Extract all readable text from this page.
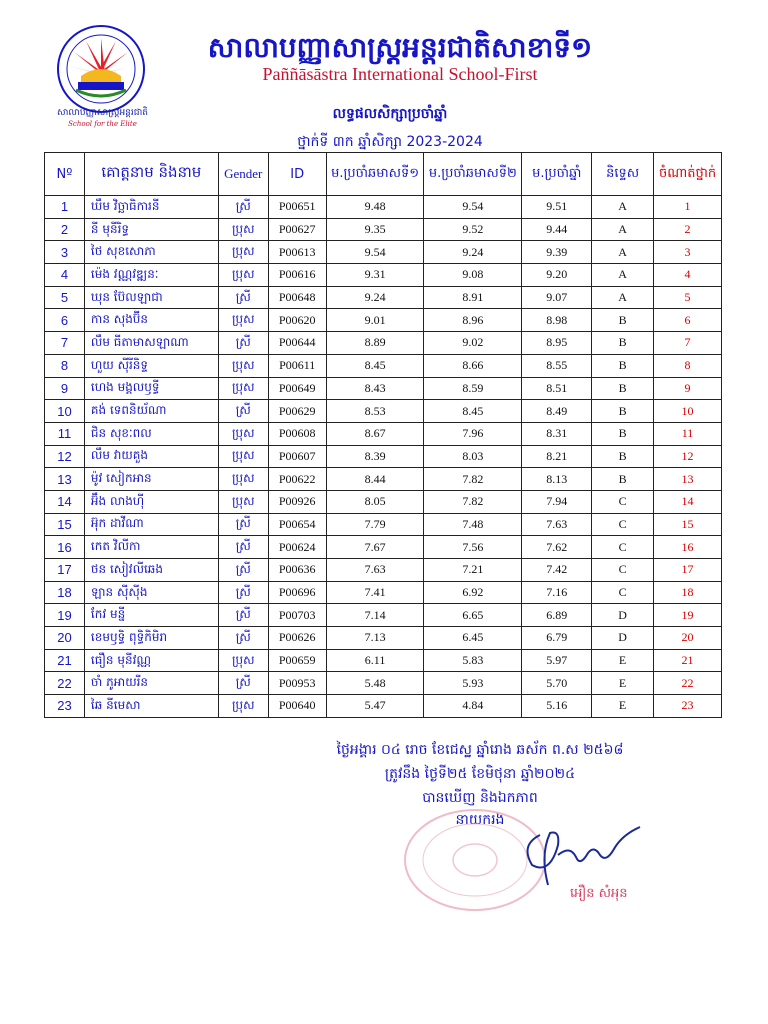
សាលាបញ្ញាសាស្ត្រអន្តរជាតិ
School for the Elite
សាលាបញ្ញាសាស្ត្រអន្តរជាតិសាខាទី១
Paññāsāstra International School-First
លទ្ធផលសិក្សាប្រចាំឆ្នាំ
ថ្នាក់ទី ៣ក ឆ្នាំសិក្សា 2023-2024
Nº	គោត្តនាម និងនាម	Gender	ID	ម.ប្រចាំឆមាសទី១	ម.ប្រចាំឆមាសទី២	ម.ប្រចាំឆ្នាំ	និទ្ទេស	ចំណាត់ថ្នាក់
1	ឃឹម វិច្ឆាធិការនី	ស្រី	P00651	9.48	9.54	9.51	A	1
2	នី មុនីរិទ្ធ	ប្រុស	P00627	9.35	9.52	9.44	A	2
3	ថៃ សុខសោភា	ប្រុស	P00613	9.54	9.24	9.39	A	3
4	ម៉េង វណ្ណវឌ្ឍនៈ	ប្រុស	P00616	9.31	9.08	9.20	A	4
5	ឃុន ប៊ែលឡាជា	ស្រី	P00648	9.24	8.91	9.07	A	5
6	កាន សុងប៊ីន	ប្រុស	P00620	9.01	8.96	8.98	B	6
7	លឹម ធីតាមាសឡាណា	ស្រី	P00644	8.89	9.02	8.95	B	7
8	ហួយ ស៊ីរីនិទ្ទ	ប្រុស	P00611	8.45	8.66	8.55	B	8
9	ហេង មង្គលឫទ្ធី	ប្រុស	P00649	8.43	8.59	8.51	B	9
10	គង់ ទេពនិយ័ណា	ស្រី	P00629	8.53	8.45	8.49	B	10
11	ជិន សុខៈពល	ប្រុស	P00608	8.67	7.96	8.31	B	11
12	លឹម វាយគួង	ប្រុស	P00607	8.39	8.03	8.21	B	12
13	ម៉ូវ សៀកអាន	ប្រុស	P00622	8.44	7.82	8.13	B	13
14	អ៊ឹង លាងហ៊ី	ប្រុស	P00926	8.05	7.82	7.94	C	14
15	អ៊ុក ដាវីណា	ស្រី	P00654	7.79	7.48	7.63	C	15
16	កេត វិលីកា	ស្រី	P00624	7.67	7.56	7.62	C	16
17	ថន សៀវលីឆេង	ស្រី	P00636	7.63	7.21	7.42	C	17
18	ឡាន ស៊ីស៊ីង	ស្រី	P00696	7.41	6.92	7.16	C	18
19	កែវ មន្នី	ស្រី	P00703	7.14	6.65	6.89	D	19
20	ខេមឫទ្ធិ ពុទ្ធិកិមិរា	ស្រី	P00626	7.13	6.45	6.79	D	20
21	ធឿន មុនីវណ្ណ	ប្រុស	P00659	6.11	5.83	5.97	E	21
22	ចាំ ភូអាយរីន	ស្រី	P00953	5.48	5.93	5.70	E	22
23	ឆៃ នីមេសា	ប្រុស	P00640	5.47	4.84	5.16	E	23
ថ្ងៃអង្គារ ០៤ រោច ខែជេស្ឋ ឆ្នាំរោង ឆស័ក ព.ស ២៥៦៨
ត្រូវនឹង ថ្ងៃទី២៥ ខែមិថុនា ឆ្នាំ២០២៤
បានឃើញ និងឯកភាព
នាយករង
អឿន សំអុន
